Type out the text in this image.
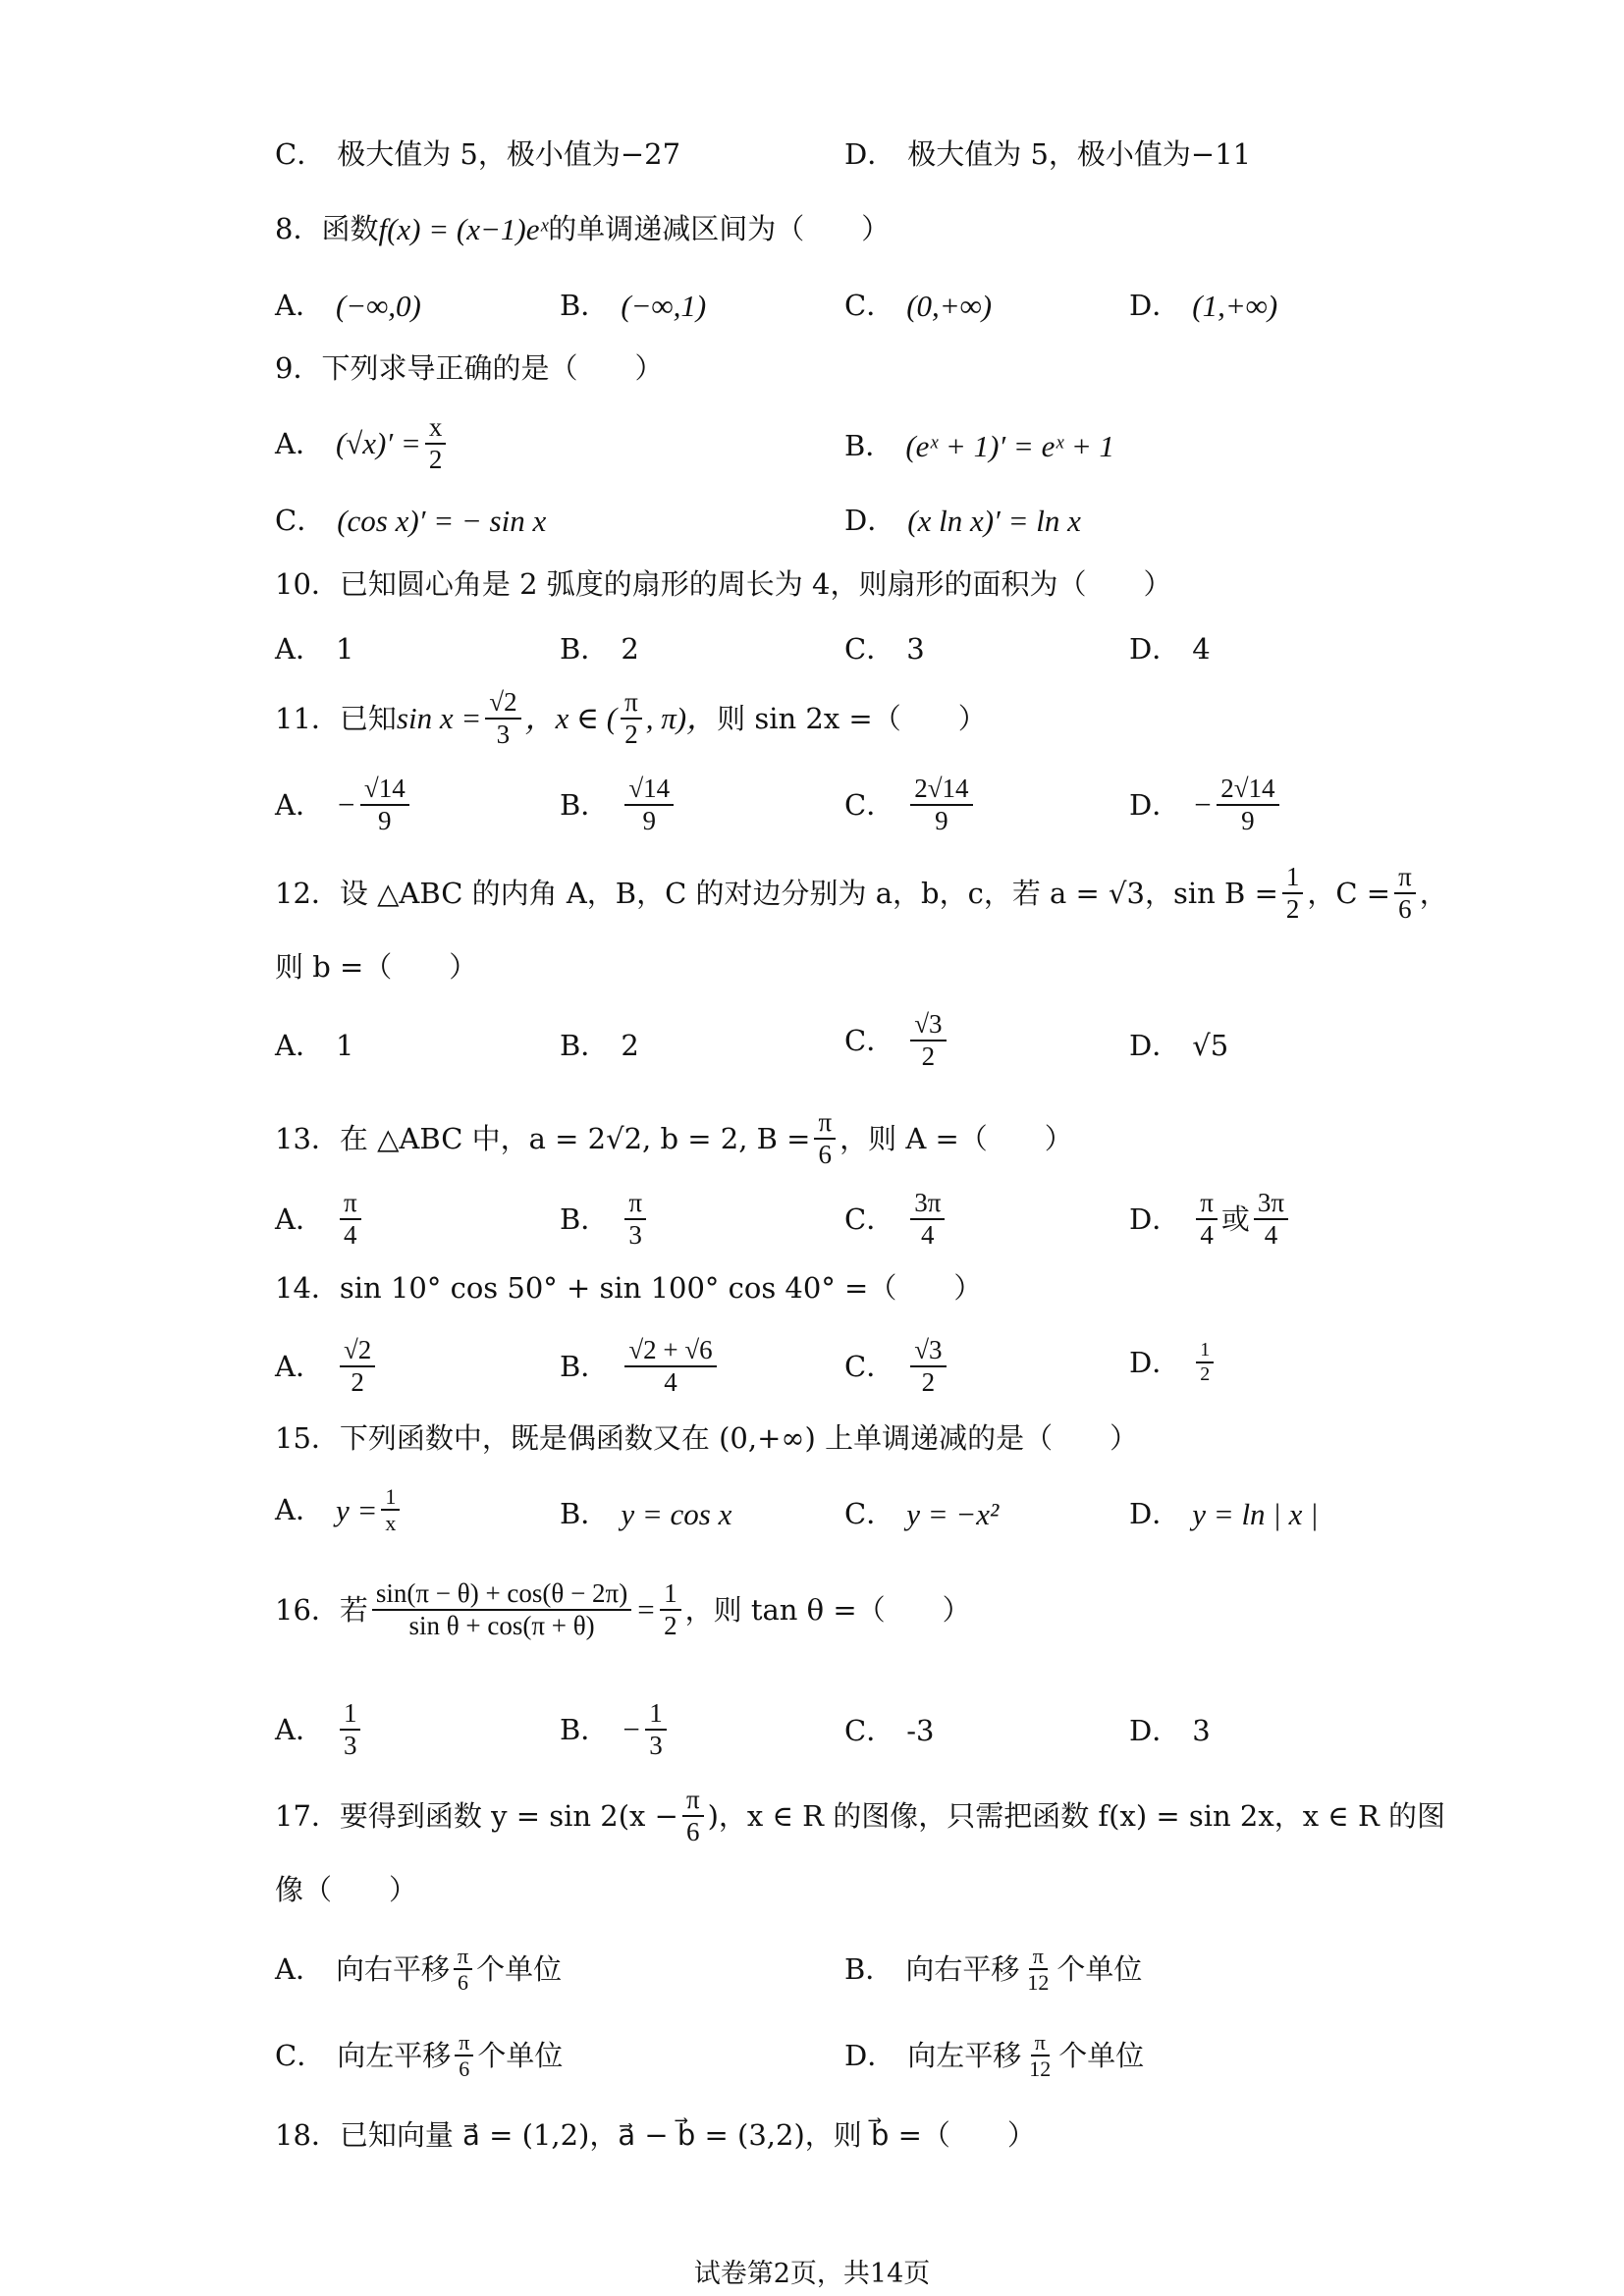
C． 极大值为 5，极小值为−27	D． 极大值为 5，极小值为−11
8．函数 f(x) = (x−1)eˣ 的单调递减区间为（　　）
A． (−∞,0)	B． (−∞,1)	C． (0,+∞)	D． (1,+∞)
9．下列求导正确的是（　　）
A． $(√x)' = \frac{x}{2}$	B． (eˣ + 1)′ = eˣ + 1
C． (cos x)′ = − sin x	D． (x ln x)′ = ln x
10．已知圆心角是 2 弧度的扇形的周长为 4，则扇形的面积为（　　）
A． 1	B． 2	C． 3	D． 4
11．已知 $\sin x = \frac{√2}{3}$ ，x ∈ ( $\frac{\pi}{2}$ , π)， 则 sin 2x =（　　）
A． − $\frac{√14}{9}$	B． $\frac{√14}{9}$	C． $\frac{2√14}{9}$	D． − $\frac{2√14}{9}$
12．设 △ABC 的内角 A，B，C 的对边分别为 a，b，c，若 a = √3，$\sin B = \frac{1}{2}$ ，$C = \frac{\pi}{6}$ ，
则 b =（　　）
A． 1	B． 2	C． $\frac{√3}{2}$	D． √5
13．在 △ABC 中，a = 2√2, b = 2, $B = \frac{\pi}{6}$ ，则 A =（　　）
A． $\frac{\pi}{4}$	B． $\frac{\pi}{3}$	C． $\frac{3\pi}{4}$	D． $\frac{\pi}{4}$ 或 $\frac{3\pi}{4}$
14．sin 10° cos 50° + sin 100° cos 40° =（　　）
A． $\frac{√2}{2}$	B． $\frac{√2 + √6}{4}$	C． $\frac{√3}{2}$	D． $\frac{1}{2}$
15．下列函数中，既是偶函数又在 (0,+∞) 上单调递减的是（　　）
A． $y = \frac{1}{x}$	B． y = cos x	C． y = −x²	D． y = ln | x |
16．若 $\frac{\sin(\pi - \theta) + \cos(\theta - 2\pi)}{\text{sin θ + cos(π + θ)}} = \frac{1}{2}$ ，则 tan θ =（　　）
A． $\frac{1}{3}$	B． − $\frac{1}{3}$	C． -3	D． 3
17．要得到函数 $y = \sin 2(x - \frac{\pi}{6}$ )，x ∈ R 的图像，只需把函数 f(x) = sin 2x，x ∈ R 的图
像（　　）
A． 向右平移 $\frac{\pi}{6}$ 个单位	B． 向右平移 $\frac{\pi}{12}$ 个单位
C． 向左平移 $\frac{\pi}{6}$ 个单位	D． 向左平移 $\frac{\pi}{12}$ 个单位
18．已知向量 a⃗ = (1,2)，a⃗ − b⃗ = (3,2)，则 b⃗ =（　　）
试卷第2页，共14页
